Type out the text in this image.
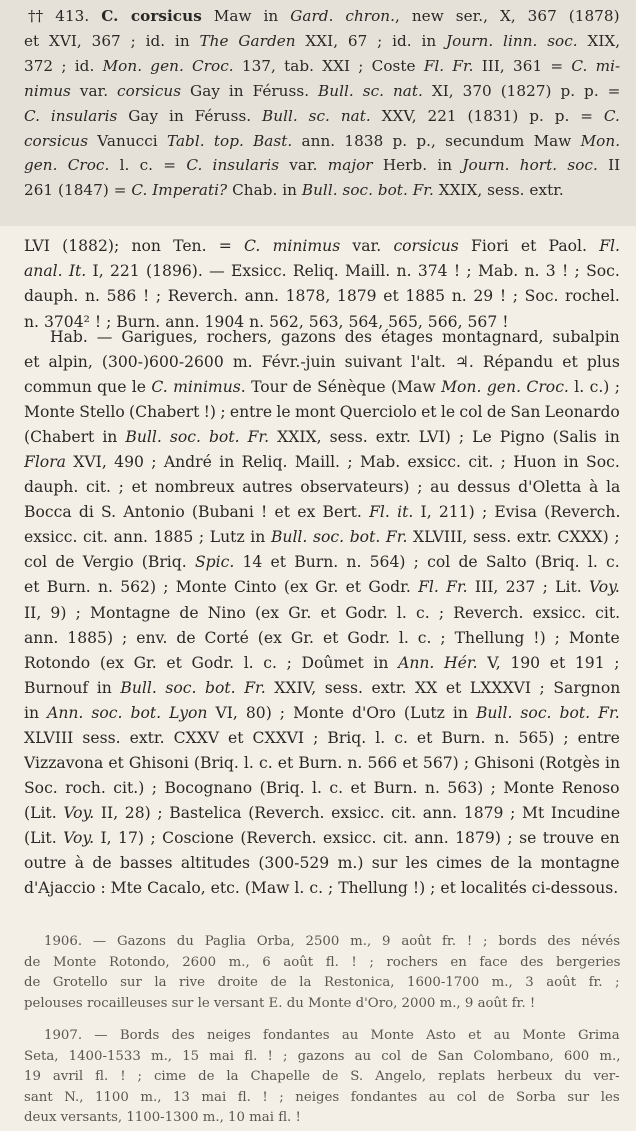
†† 413. C. corsicus Maw in Gard. chron., new ser., X, 367 (1878)
et XVI, 367 ; id. in The Garden XXI, 67 ; id. in Journ. linn. soc. XIX,
372 ; id. Mon. gen. Croc. 137, tab. XXI ; Coste Fl. Fr. III, 361 = C. mi-
nimus var. corsicus Gay in Féruss. Bull. sc. nat. XI, 370 (1827) p. p. =
C. insularis Gay in Féruss. Bull. sc. nat. XXV, 221 (1831) p. p. = C.
corsicus Vanucci Tabl. top. Bast. ann. 1838 p. p., secundum Maw Mon.
gen. Croc. l. c. = C. insularis var. major Herb. in Journ. hort. soc. II
261 (1847) = C. Imperati? Chab. in Bull. soc. bot. Fr. XXIX, sess. extr.
LVI (1882); non Ten. = C. minimus var. corsicus Fiori et Paol. Fl.
anal. It. I, 221 (1896). — Exsicc. Reliq. Maill. n. 374 ! ; Mab. n. 3 ! ; Soc.
dauph. n. 586 ! ; Reverch. ann. 1878, 1879 et 1885 n. 29 ! ; Soc. rochel.
n. 3704² ! ; Burn. ann. 1904 n. 562, 563, 564, 565, 566, 567 !
Hab. — Garigues, rochers, gazons des étages montagnard, subalpin
et alpin, (300-)600-2600 m. Févr.-juin suivant l'alt. ♃. Répandu et plus
commun que le C. minimus. Tour de Sénèque (Maw Mon. gen. Croc. l. c.) ;
Monte Stello (Chabert !) ; entre le mont Querciolo et le col de San Leonardo
(Chabert in Bull. soc. bot. Fr. XXIX, sess. extr. LVI) ; Le Pigno (Salis in
Flora XVI, 490 ; André in Reliq. Maill. ; Mab. exsicc. cit. ; Huon in Soc.
dauph. cit. ; et nombreux autres observateurs) ; au dessus d'Oletta à la
Bocca di S. Antonio (Bubani ! et ex Bert. Fl. it. I, 211) ; Evisa (Reverch.
exsicc. cit. ann. 1885 ; Lutz in Bull. soc. bot. Fr. XLVIII, sess. extr. CXXX) ;
col de Vergio (Briq. Spic. 14 et Burn. n. 564) ; col de Salto (Briq. l. c.
et Burn. n. 562) ; Monte Cinto (ex Gr. et Godr. Fl. Fr. III, 237 ; Lit. Voy.
II, 9) ; Montagne de Nino (ex Gr. et Godr. l. c. ; Reverch. exsicc. cit.
ann. 1885) ; env. de Corté (ex Gr. et Godr. l. c. ; Thellung !) ; Monte
Rotondo (ex Gr. et Godr. l. c. ; Doûmet in Ann. Hér. V, 190 et 191 ;
Burnouf in Bull. soc. bot. Fr. XXIV, sess. extr. XX et LXXXVI ; Sargnon
in Ann. soc. bot. Lyon VI, 80) ; Monte d'Oro (Lutz in Bull. soc. bot. Fr.
XLVIII sess. extr. CXXV et CXXVI ; Briq. l. c. et Burn. n. 565) ; entre
Vizzavona et Ghisoni (Briq. l. c. et Burn. n. 566 et 567) ; Ghisoni (Rotgès in
Soc. roch. cit.) ; Bocognano (Briq. l. c. et Burn. n. 563) ; Monte Renoso
(Lit. Voy. II, 28) ; Bastelica (Reverch. exsicc. cit. ann. 1879 ; Mt Incudine
(Lit. Voy. I, 17) ; Coscione (Reverch. exsicc. cit. ann. 1879) ; se trouve en
outre à de basses altitudes (300-529 m.) sur les cimes de la montagne
d'Ajaccio : Mte Cacalo, etc. (Maw l. c. ; Thellung !) ; et localités ci-dessous.
1906. — Gazons du Paglia Orba, 2500 m., 9 août fr. ! ; bords des névés
de Monte Rotondo, 2600 m., 6 août fl. ! ; rochers en face des bergeries
de Grotello sur la rive droite de la Restonica, 1600-1700 m., 3 août fr. ;
pelouses rocailleuses sur le versant E. du Monte d'Oro, 2000 m., 9 août fr. !
1907. — Bords des neiges fondantes au Monte Asto et au Monte Grima
Seta, 1400-1533 m., 15 mai fl. ! ; gazons au col de San Colombano, 600 m.,
19 avril fl. ! ; cime de la Chapelle de S. Angelo, replats herbeux du ver-
sant N., 1100 m., 13 mai fl. ! ; neiges fondantes au col de Sorba sur les
deux versants, 1100-1300 m., 10 mai fl. !
